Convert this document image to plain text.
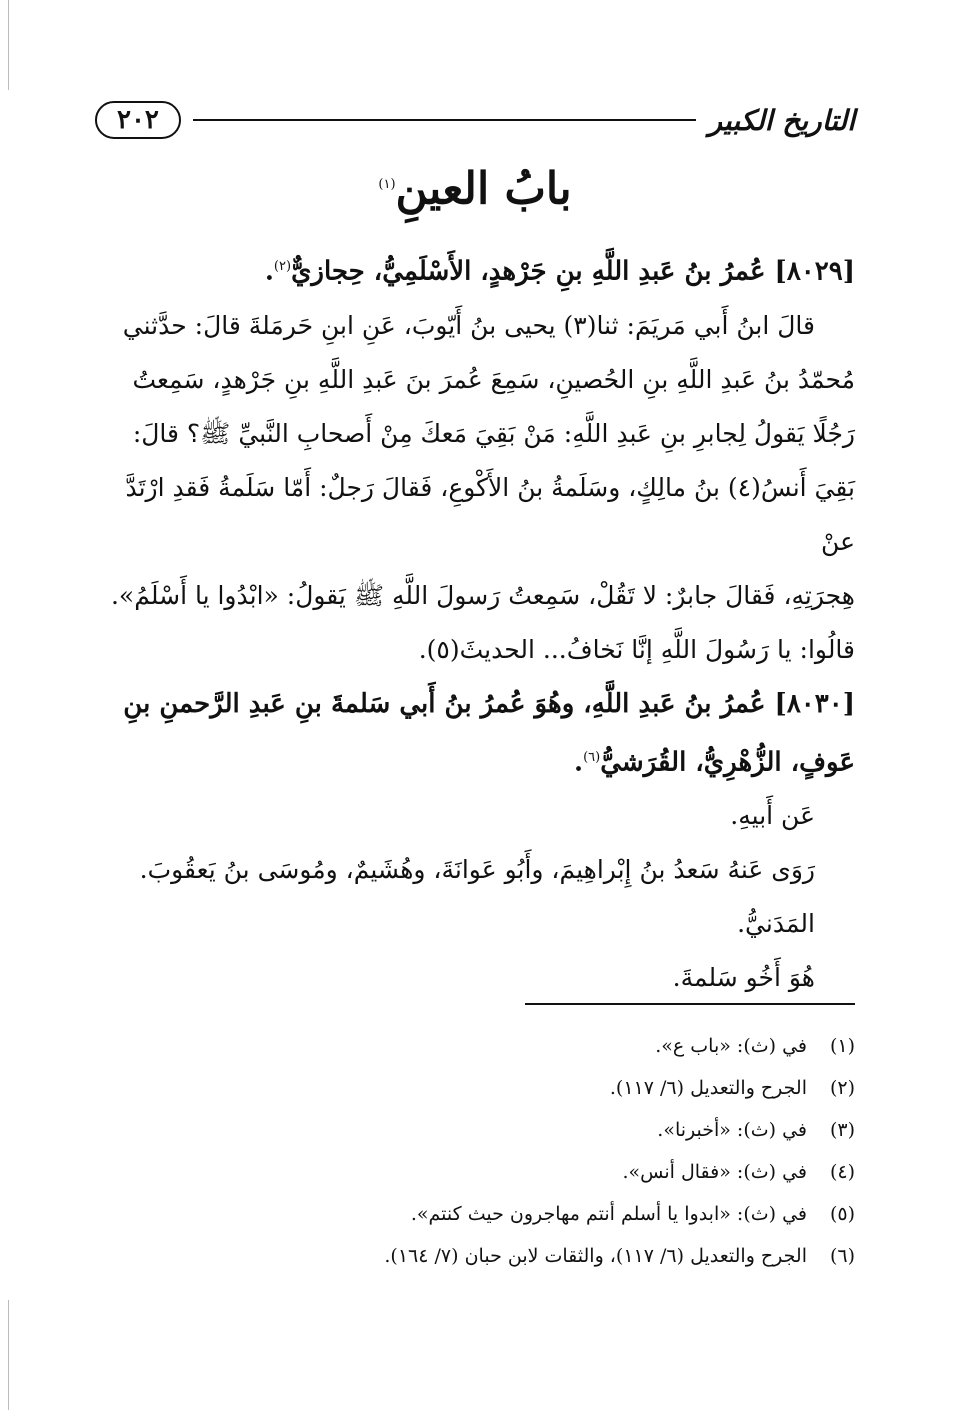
التاريخ الكبير
٢٠٢
بابُ العينِ$^{(١)}$

[٨٠٢٩] عُمرُ بنُ عَبدِ اللَّهِ بنِ جَرْهدٍ، الأَسْلَمِيُّ، حِجازيٌّ$^{(٢)}$.

قالَ ابنُ أَبي مَريَمَ: ثنا(٣) يحيى بنُ أَيّوبَ، عَنِ ابنِ حَرمَلةَ قالَ: حدَّثني

مُحمّدُ بنُ عَبدِ اللَّهِ بنِ الحُصينِ، سَمِعَ عُمرَ بنَ عَبدِ اللَّهِ بنِ جَرْهدٍ، سَمِعتُ

رَجُلًا يَقولُ لِجابرِ بنِ عَبدِ اللَّهِ: مَنْ بَقِيَ مَعكَ مِنْ أَصحابِ النَّبيِّ ﷺ؟ قالَ:

بَقِيَ أَنسُ(٤) بنُ مالِكٍ، وسَلَمةُ بنُ الأَكْوعِ، فَقالَ رَجلٌ: أَمّا سَلَمةُ فَقدِ ارْتَدَّ عنْ

هِجرَتِهِ، فَقالَ جابرٌ: لا تَقُلْ، سَمِعتُ رَسولَ اللَّهِ ﷺ يَقولُ: «ابْدُوا يا أَسْلَمُ».

قالُوا: يا رَسُولَ اللَّهِ إنَّا نَخافُ... الحديثَ(٥).

[٨٠٣٠] عُمرُ بنُ عَبدِ اللَّهِ، وهُوَ عُمرُ بنُ أَبي سَلمةَ بنِ عَبدِ الرَّحمنِ بنِ عَوفٍ، الزُّهْرِيُّ، القُرَشيُّ$^{(٦)}$.

عَن أَبيهِ.

رَوَى عَنهُ سَعدُ بنُ إِبْراهِيمَ، وأَبُو عَوانَةَ، وهُشَيمٌ، ومُوسَى بنُ يَعقُوبَ.

المَدَنيُّ.

هُوَ أَخُو سَلمةَ.

(١)
في (ث): «باب ع».
(٢)
الجرح والتعديل (٦/ ١١٧).
(٣)
في (ث): «أخبرنا».
(٤)
في (ث): «فقال أنس».
(٥)
في (ث): «ابدوا يا أسلم أنتم مهاجرون حيث كنتم».
(٦)
الجرح والتعديل (٦/ ١١٧)، والثقات لابن حبان (٧/ ١٦٤).
